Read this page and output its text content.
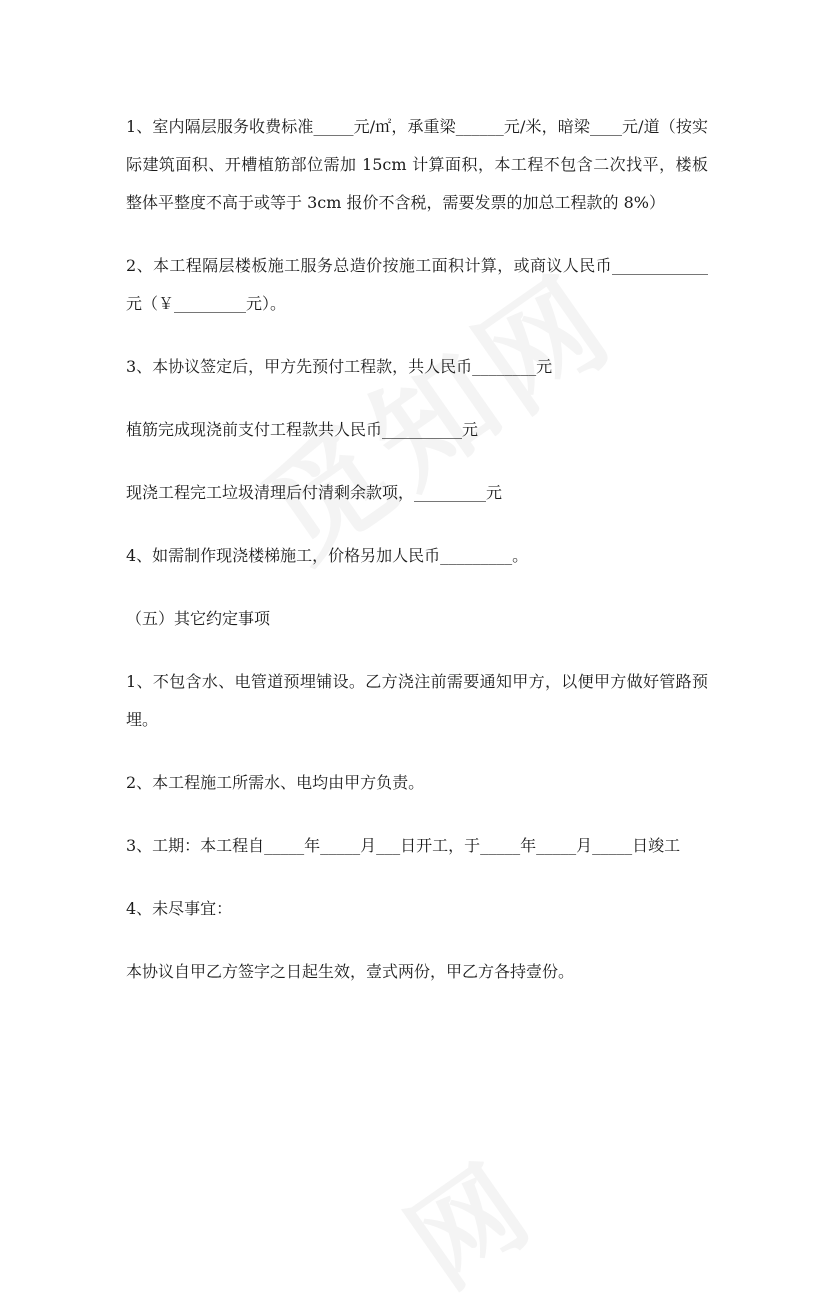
1、室内隔层服务收费标准_____元/㎡，承重梁______元/米，暗梁____元/道（按实际建筑面积、开槽植筋部位需加 15cm 计算面积，本工程不包含二次找平，楼板整体平整度不高于或等于 3cm 报价不含税，需要发票的加总工程款的 8%）

2、本工程隔层楼板施工服务总造价按施工面积计算，或商议人民币____________元（￥_________元）。

3、本协议签定后，甲方先预付工程款，共人民币________元

植筋完成现浇前支付工程款共人民币__________元

现浇工程完工垃圾清理后付清剩余款项，_________元

4、如需制作现浇楼梯施工，价格另加人民币_________。

（五）其它约定事项

1、不包含水、电管道预埋铺设。乙方浇注前需要通知甲方，以便甲方做好管路预埋。

2、本工程施工所需水、电均由甲方负责。

3、工期：本工程自_____年_____月___日开工，于_____年_____月_____日竣工

4、未尽事宜：

本协议自甲乙方签字之日起生效，壹式两份，甲乙方各持壹份。
